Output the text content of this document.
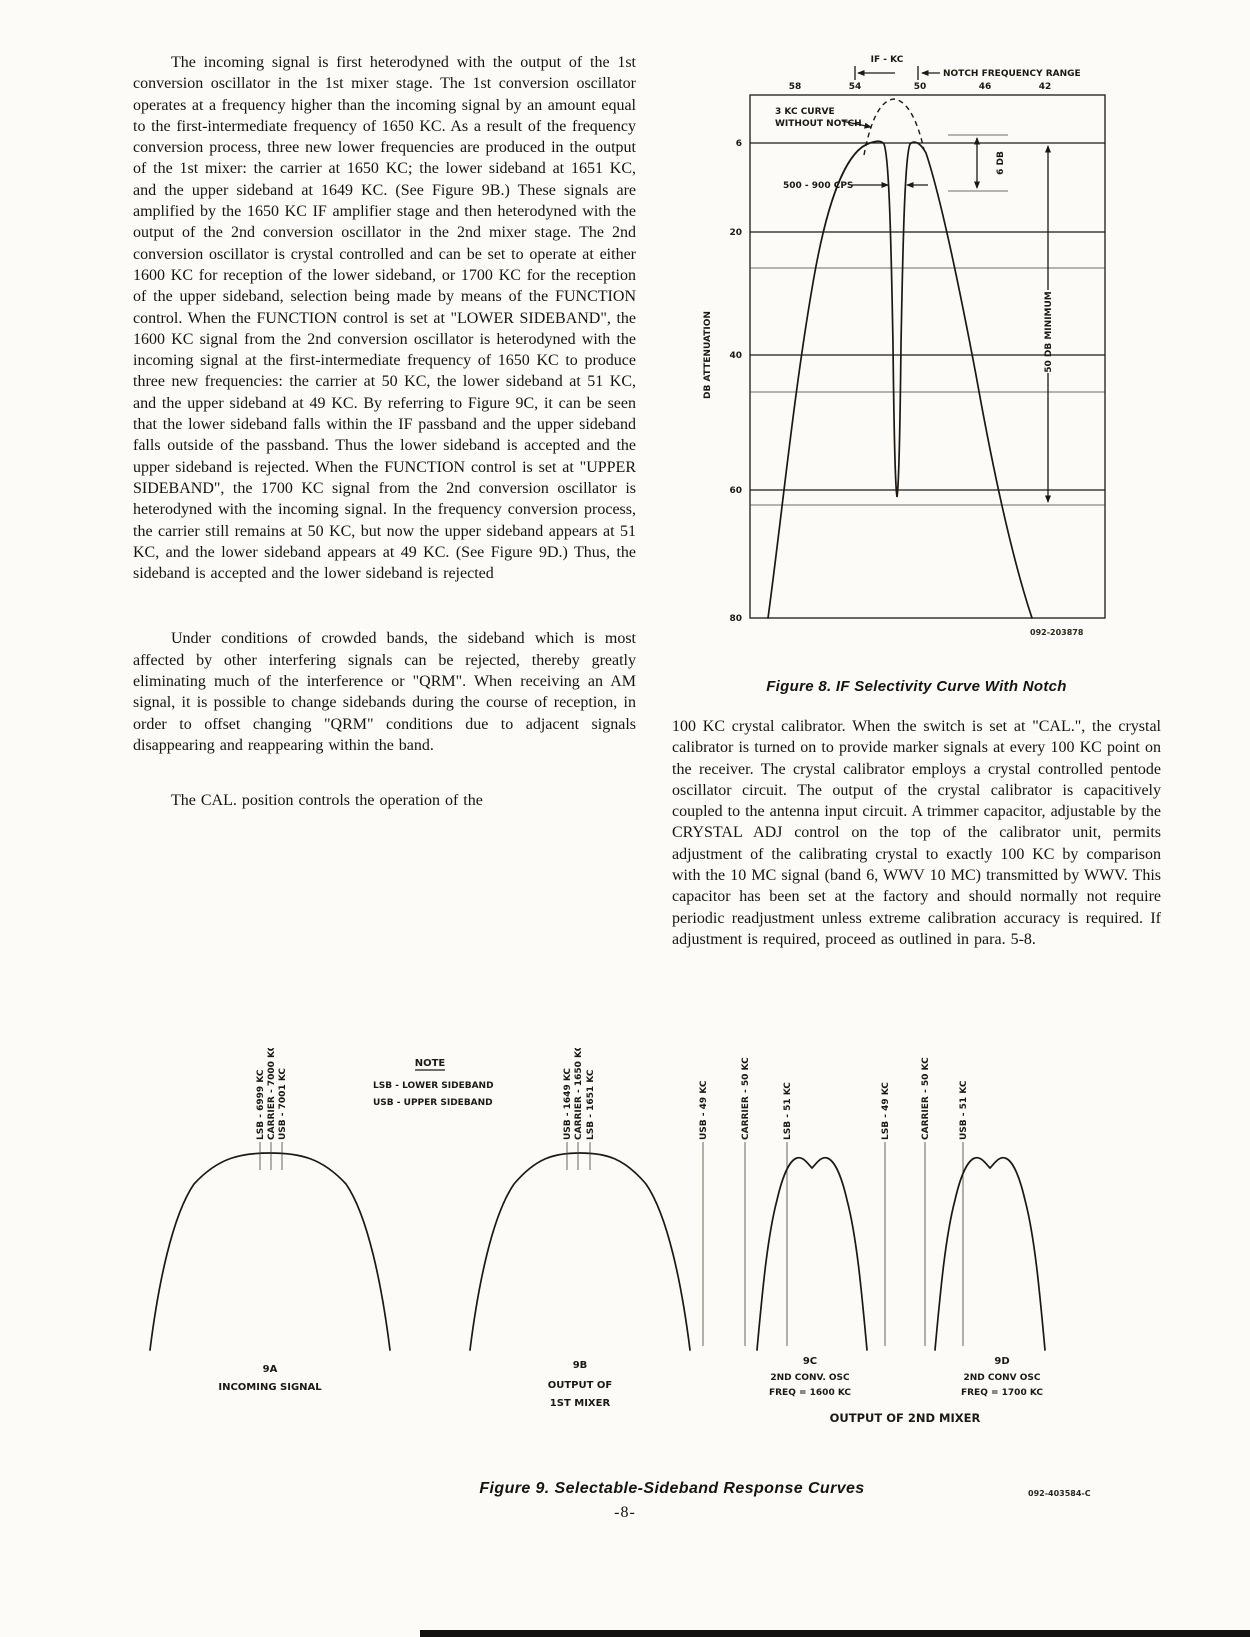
The incoming signal is first heterodyned with the output of the 1st conversion oscillator in the 1st mixer stage. The 1st conversion oscillator operates at a frequency higher than the incoming signal by an amount equal to the first-intermediate frequency of 1650 KC. As a result of the frequency conversion process, three new lower frequencies are produced in the output of the 1st mixer: the carrier at 1650 KC; the lower sideband at 1651 KC, and the upper sideband at 1649 KC. (See Figure 9B.) These signals are amplified by the 1650 KC IF amplifier stage and then heterodyned with the output of the 2nd conversion oscillator in the 2nd mixer stage. The 2nd conversion oscillator is crystal controlled and can be set to operate at either 1600 KC for reception of the lower sideband, or 1700 KC for the reception of the upper sideband, selection being made by means of the FUNCTION control. When the FUNCTION control is set at "LOWER SIDEBAND", the 1600 KC signal from the 2nd conversion oscillator is heterodyned with the incoming signal at the first-intermediate frequency of 1650 KC to produce three new frequencies: the carrier at 50 KC, the lower sideband at 51 KC, and the upper sideband at 49 KC. By referring to Figure 9C, it can be seen that the lower sideband falls within the IF passband and the upper sideband falls outside of the passband. Thus the lower sideband is accepted and the upper sideband is rejected. When the FUNCTION control is set at "UPPER SIDEBAND", the 1700 KC signal from the 2nd conversion oscillator is heterodyned with the incoming signal. In the frequency conversion process, the carrier still remains at 50 KC, but now the upper sideband appears at 51 KC, and the lower sideband appears at 49 KC. (See Figure 9D.) Thus, the sideband is accepted and the lower sideband is rejected

Under conditions of crowded bands, the sideband which is most affected by other interfering signals can be rejected, thereby greatly eliminating much of the interference or "QRM". When receiving an AM signal, it is possible to change sidebands during the course of reception, in order to offset changing "QRM" conditions due to adjacent signals disappearing and reappearing within the band.

The CAL. position controls the operation of the

6
20
40
60
80
DB ATTENUATION
58	54	50	46	42
IF - KC
NOTCH FREQUENCY RANGE
3 KC CURVE
WITHOUT NOTCH
500 - 900 CPS
6 DB
50 DB MINIMUM
092-203878
Figure 8. IF Selectivity Curve With Notch

100 KC crystal calibrator. When the switch is set at "CAL.", the crystal calibrator is turned on to provide marker signals at every 100 KC point on the receiver. The crystal calibrator employs a crystal controlled pentode oscillator circuit. The output of the crystal calibrator is capacitively coupled to the antenna input circuit. A trimmer capacitor, adjustable by the CRYSTAL ADJ control on the top of the calibrator unit, permits adjustment of the calibrating crystal to exactly 100 KC by comparison with the 10 MC signal (band 6, WWV 10 MC) transmitted by WWV. This capacitor has been set at the factory and should normally not require periodic readjustment unless extreme calibration accuracy is required. If adjustment is required, proceed as outlined in para. 5-8.

NOTE
LSB - LOWER SIDEBAND
USB - UPPER SIDEBAND
LSB - 6999 KC CARRIER - 7000 KC USB - 7001 KC
9A
INCOMING SIGNAL
USB - 1649 KC CARRIER - 1650 KC LSB - 1651 KC
9B
OUTPUT OF
1ST MIXER
USB - 49 KC	CARRIER - 50 KC	LSB - 51 KC
9C
2ND CONV. OSC
FREQ = 1600 KC
LSB - 49 KC	CARRIER - 50 KC	USB - 51 KC
9D
2ND CONV OSC
FREQ = 1700 KC
OUTPUT OF 2ND MIXER
Figure 9. Selectable-Sideband Response Curves	092-403584-C
-8-
